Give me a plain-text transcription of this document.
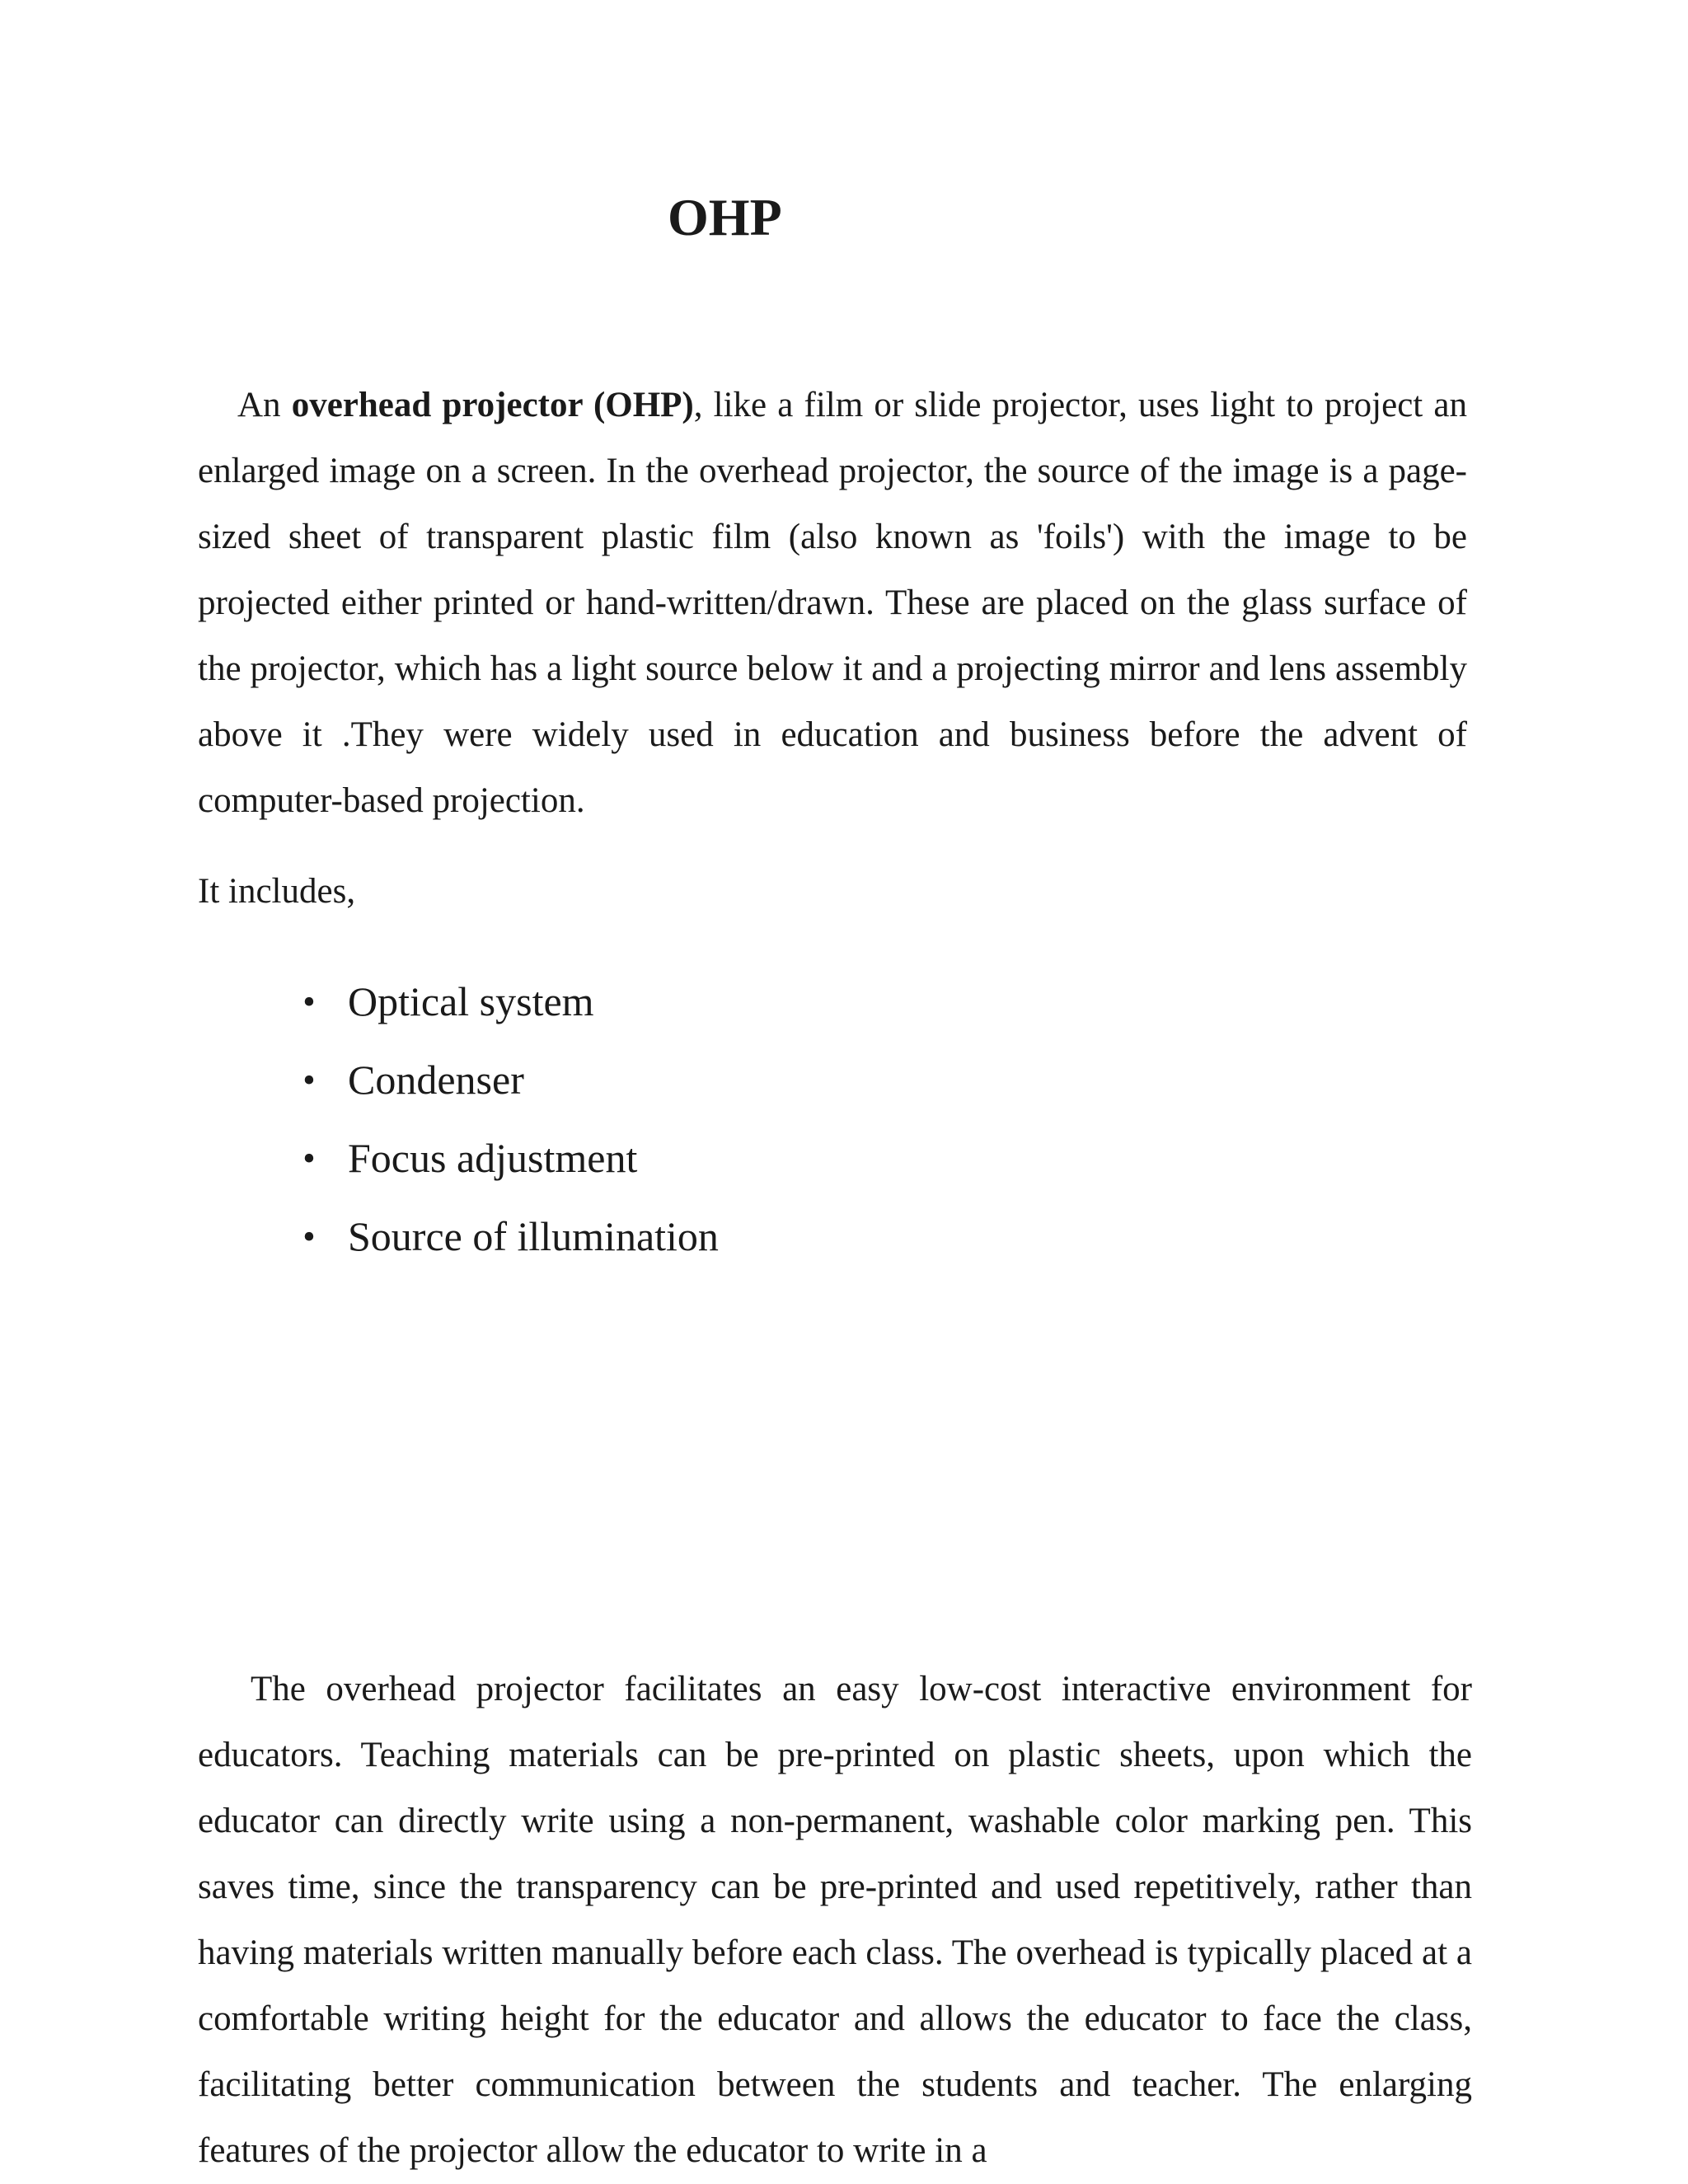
OHP

An overhead projector (OHP), like a film or slide projector, uses light to project an enlarged image on a screen. In the overhead projector, the source of the image is a page-sized sheet of transparent plastic film (also known as 'foils') with the image to be projected either printed or hand-written/drawn. These are placed on the glass surface of the projector, which has a light source below it and a projecting mirror and lens assembly above it .They were widely used in education and business before the advent of computer-based projection.

It includes,

• Optical system
• Condenser
• Focus adjustment
• Source of illumination

The overhead projector facilitates an easy low-cost interactive environment for educators. Teaching materials can be pre-printed on plastic sheets, upon which the educator can directly write using a non-permanent, washable color marking pen. This saves time, since the transparency can be pre-printed and used repetitively, rather than having materials written manually before each class. The overhead is typically placed at a comfortable writing height for the educator and allows the educator to face the class, facilitating better communication between the students and teacher. The enlarging features of the projector allow the educator to write in a
